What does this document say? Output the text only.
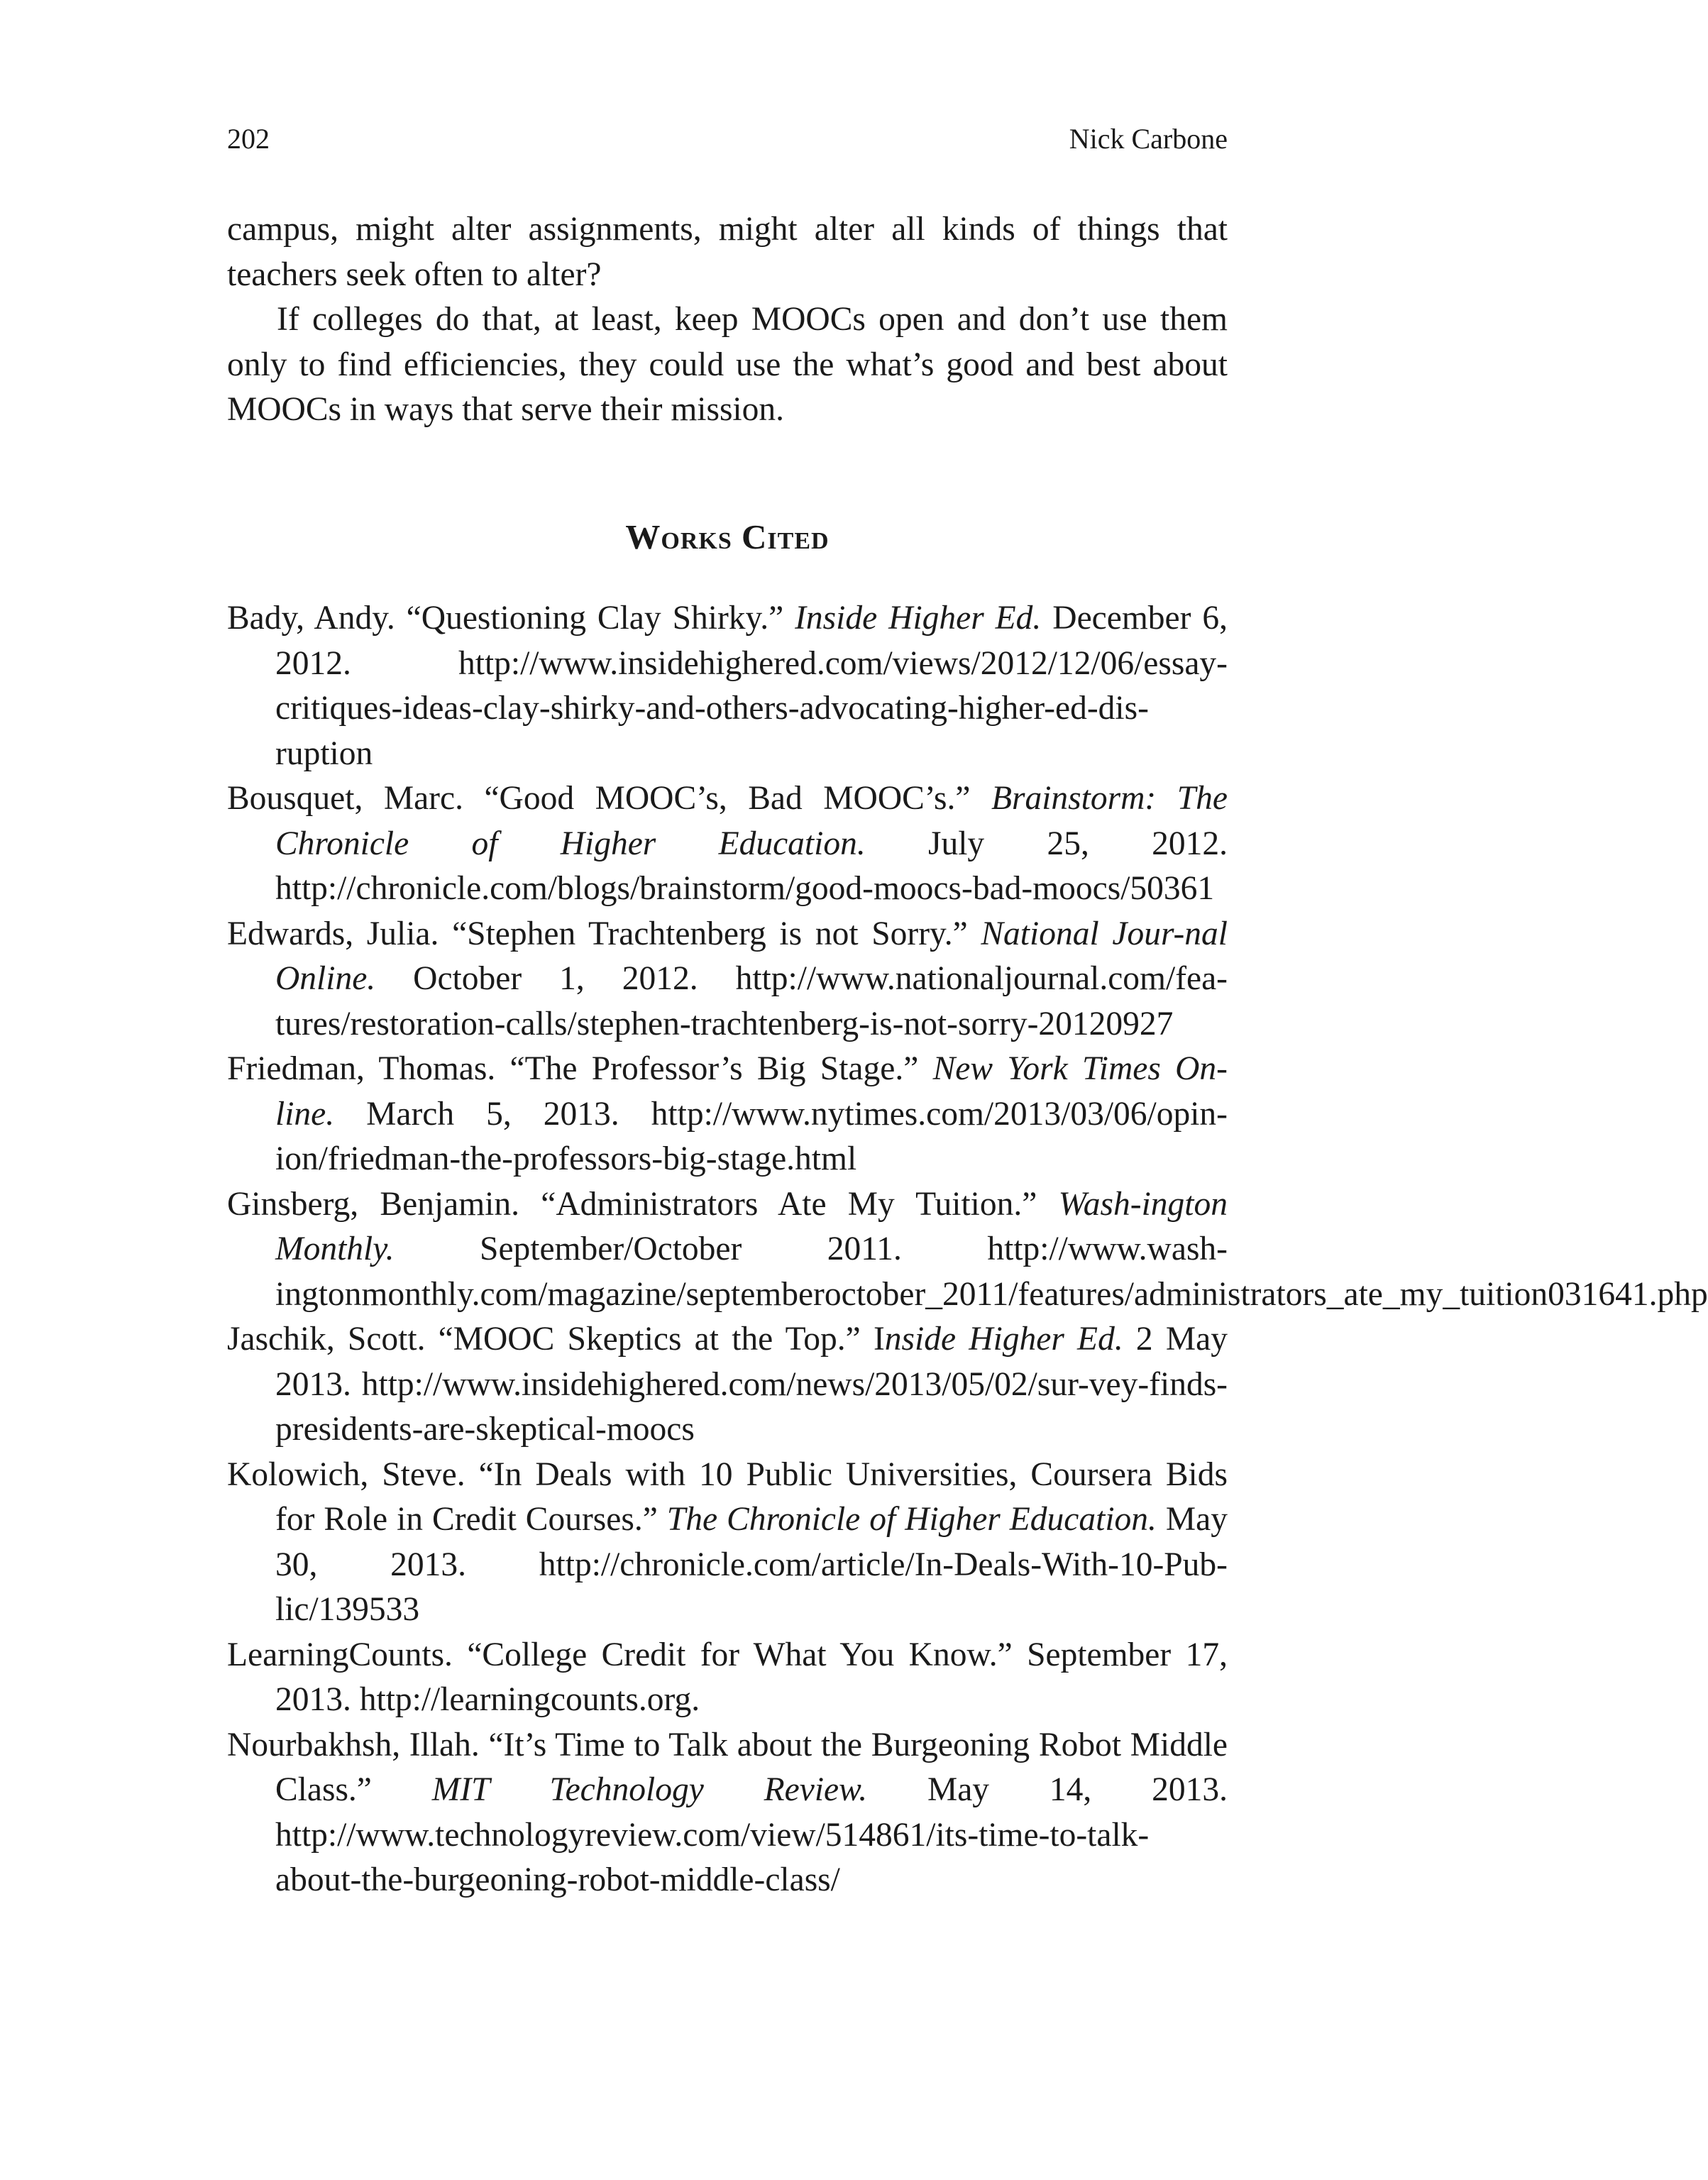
202	Nick Carbone

campus, might alter assignments, might alter all kinds of things that teachers seek often to alter?

If colleges do that, at least, keep MOOCs open and don’t use them only to find efficiencies, they could use the what’s good and best about MOOCs in ways that serve their mission.

Works Cited
Bady, Andy. “Questioning Clay Shirky.” Inside Higher Ed. December 6, 2012. http://www.insidehighered.com/views/2012/12/06/essay-critiques-ideas-clay-shirky-and-others-advocating-higher-ed-dis-ruption
Bousquet, Marc. “Good MOOC’s, Bad MOOC’s.” Brainstorm: The Chronicle of Higher Education. July 25, 2012. http://chronicle.com/blogs/brainstorm/good-moocs-bad-moocs/50361
Edwards, Julia. “Stephen Trachtenberg is not Sorry.” National Jour-nal Online. October 1, 2012. http://www.nationaljournal.com/fea-tures/restoration-calls/stephen-trachtenberg-is-not-sorry-20120927
Friedman, Thomas. “The Professor’s Big Stage.” New York Times On-line. March 5, 2013. http://www.nytimes.com/2013/03/06/opin-ion/friedman-the-professors-big-stage.html
Ginsberg, Benjamin. “Administrators Ate My Tuition.” Wash-ington Monthly. September/October 2011. http://www.wash-ingtonmonthly.com/magazine/septemberoctober_2011/features/administrators_ate_my_tuition031641.php
Jaschik, Scott. “MOOC Skeptics at the Top.” Inside Higher Ed. 2 May 2013. http://www.insidehighered.com/news/2013/05/02/sur-vey-finds-presidents-are-skeptical-moocs
Kolowich, Steve. “In Deals with 10 Public Universities, Coursera Bids for Role in Credit Courses.” The Chronicle of Higher Education. May 30, 2013. http://chronicle.com/article/In-Deals-With-10-Pub-lic/139533
LearningCounts. “College Credit for What You Know.” September 17, 2013. http://learningcounts.org.
Nourbakhsh, Illah. “It’s Time to Talk about the Burgeoning Robot Middle Class.” MIT Technology Review. May 14, 2013. http://www.technologyreview.com/view/514861/its-time-to-talk-about-the-burgeoning-robot-middle-class/
